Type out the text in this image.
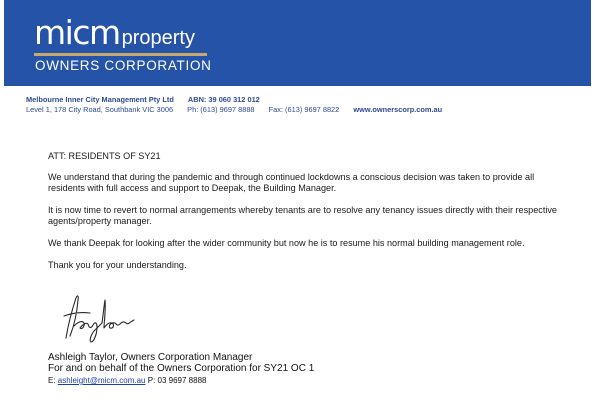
micm property
OWNERS CORPORATION
Melbourne Inner City Management Pty Ltd ABN: 39 060 312 012
Level 1, 178 City Road, Southbank VIC 3006 Ph: (613) 9697 8888 Fax: (613) 9697 8822 www.ownerscorp.com.au

ATT: RESIDENTS OF SY21

We understand that during the pandemic and through continued lockdowns a conscious decision was taken to provide all residents with full access and support to Deepak, the Building Manager.

It is now time to revert to normal arrangements whereby tenants are to resolve any tenancy issues directly with their respective agents/property manager.

We thank Deepak for looking after the wider community but now he is to resume his normal building management role.

Thank you for your understanding.

Ashleigh Taylor, Owners Corporation Manager
For and on behalf of the Owners Corporation for SY21 OC 1
E: ashleight@micm.com.au P: 03 9697 8888
